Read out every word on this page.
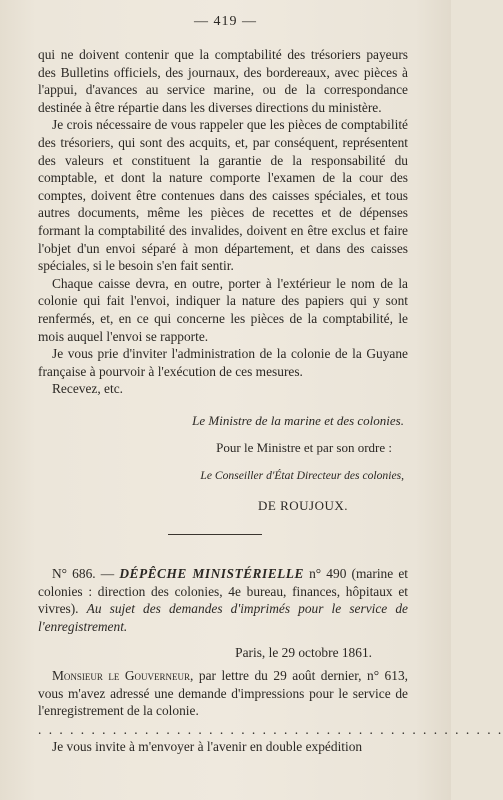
— 419 —

qui ne doivent contenir que la comptabilité des trésoriers payeurs des Bulletins officiels, des journaux, des bordereaux, avec pièces à l'appui, d'avances au service marine, ou de la correspondance destinée à être répartie dans les diverses directions du ministère.

Je crois nécessaire de vous rappeler que les pièces de comptabilité des trésoriers, qui sont des acquits, et, par conséquent, représentent des valeurs et constituent la garantie de la responsabilité du comptable, et dont la nature comporte l'examen de la cour des comptes, doivent être contenues dans des caisses spéciales, et tous autres documents, même les pièces de recettes et de dépenses formant la comptabilité des invalides, doivent en être exclus et faire l'objet d'un envoi séparé à mon département, et dans des caisses spéciales, si le besoin s'en fait sentir.

Chaque caisse devra, en outre, porter à l'extérieur le nom de la colonie qui fait l'envoi, indiquer la nature des papiers qui y sont renfermés, et, en ce qui concerne les pièces de la comptabilité, le mois auquel l'envoi se rapporte.

Je vous prie d'inviter l'administration de la colonie de la Guyane française à pourvoir à l'exécution de ces mesures.

Recevez, etc.

Le Ministre de la marine et des colonies.
Pour le Ministre et par son ordre :
Le Conseiller d'État Directeur des colonies,
DE ROUJOUX.

N° 686. — DÉPÊCHE MINISTÉRIELLE n° 490 (marine et colonies : direction des colonies, 4e bureau, finances, hôpitaux et vivres). Au sujet des demandes d'imprimés pour le service de l'enregistrement.

Paris, le 29 octobre 1861.

Monsieur le Gouverneur, par lettre du 29 août dernier, n° 613, vous m'avez adressé une demande d'impressions pour le service de l'enregistrement de la colonie.

. . . . . . . . . . . . . . . . . . . . . . . . . . . . . . . . . . . . . . . . . . . .

Je vous invite à m'envoyer à l'avenir en double expédition
